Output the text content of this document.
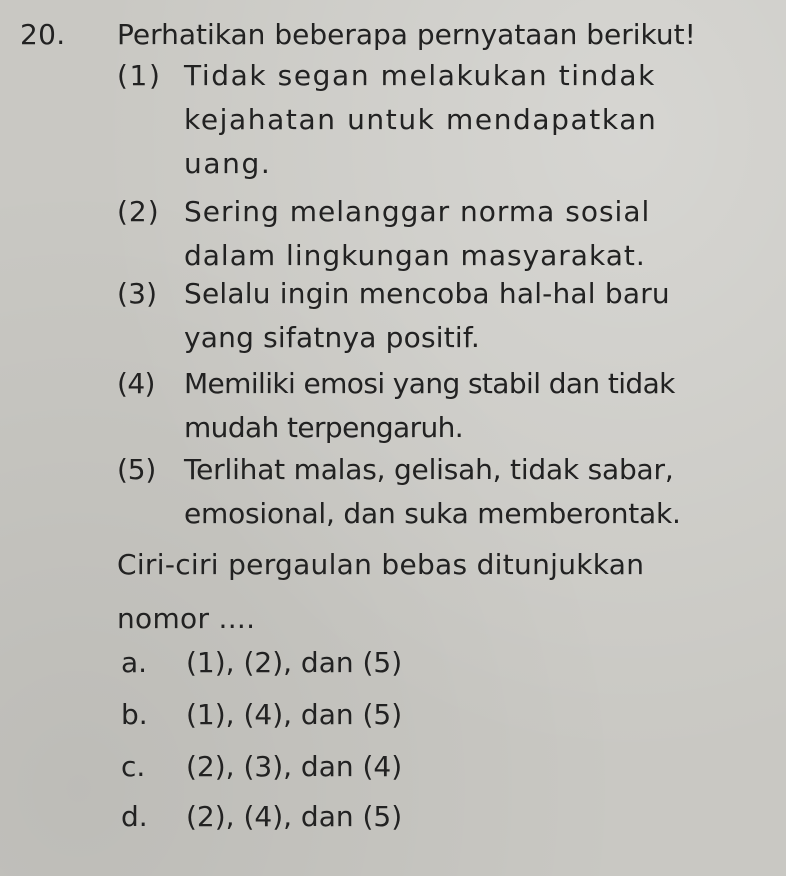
20. Perhatikan beberapa pernyataan berikut!
(1) Tidak segan melakukan tindak
kejahatan untuk mendapatkan
uang.
(2) Sering melanggar norma sosial
dalam lingkungan masyarakat.
(3) Selalu ingin mencoba hal-hal baru
yang sifatnya positif.
(4) Memiliki emosi yang stabil dan tidak
mudah terpengaruh.
(5) Terlihat malas, gelisah, tidak sabar,
emosional, dan suka memberontak.
Ciri-ciri pergaulan bebas ditunjukkan
nomor ....
a. (1), (2), dan (5)
b. (1), (4), dan (5)
c. (2), (3), dan (4)
d. (2), (4), dan (5)
